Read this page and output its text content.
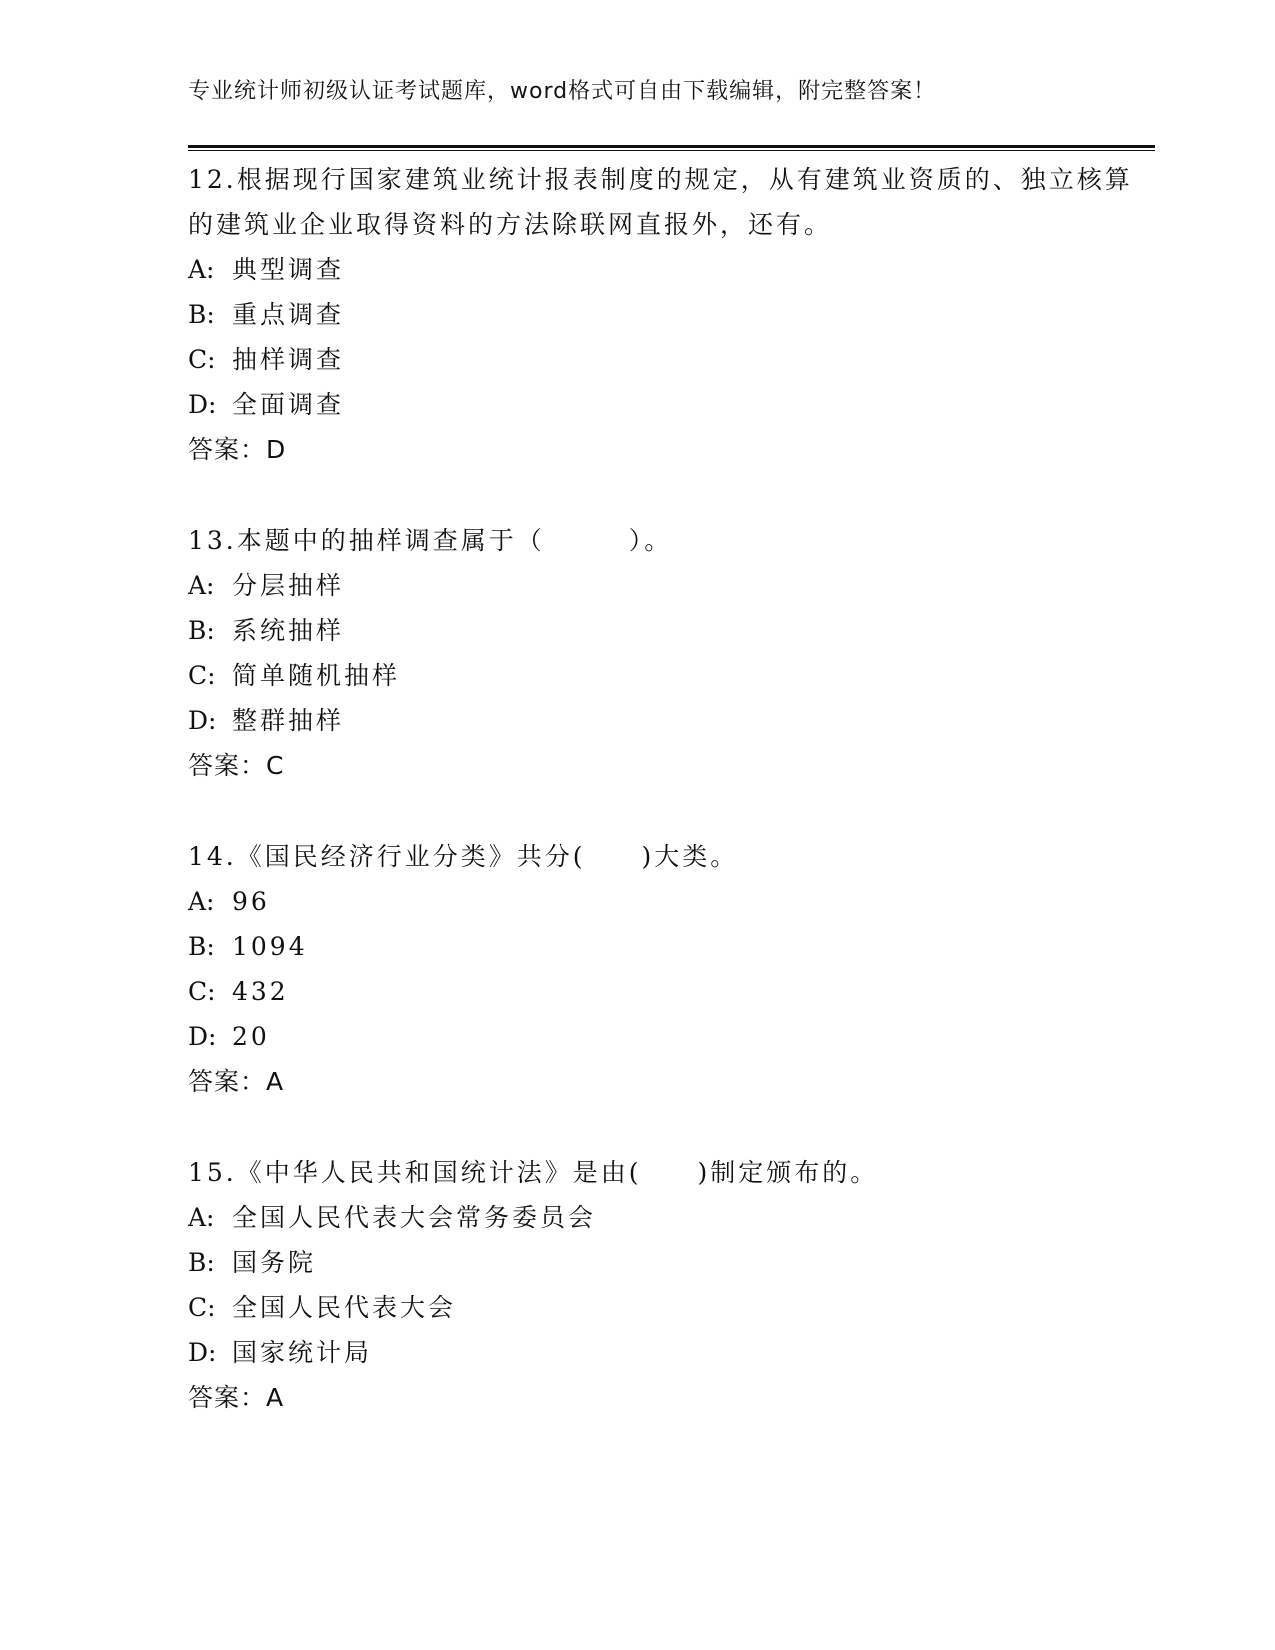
专业统计师初级认证考试题库，word格式可自由下载编辑，附完整答案！

12.根据现行国家建筑业统计报表制度的规定，从有建筑业资质的、独立核算的建筑业企业取得资料的方法除联网直报外，还有。

A: 典型调查

B: 重点调查

C: 抽样调查

D: 全面调查

答案：D

13.本题中的抽样调查属于（　　　）。

A: 分层抽样

B: 系统抽样

C: 简单随机抽样

D: 整群抽样

答案：C

14.《国民经济行业分类》共分(　　)大类。

A: 96

B: 1094

C: 432

D: 20

答案：A

15.《中华人民共和国统计法》是由(　　)制定颁布的。

A: 全国人民代表大会常务委员会

B: 国务院

C: 全国人民代表大会

D: 国家统计局

答案：A
